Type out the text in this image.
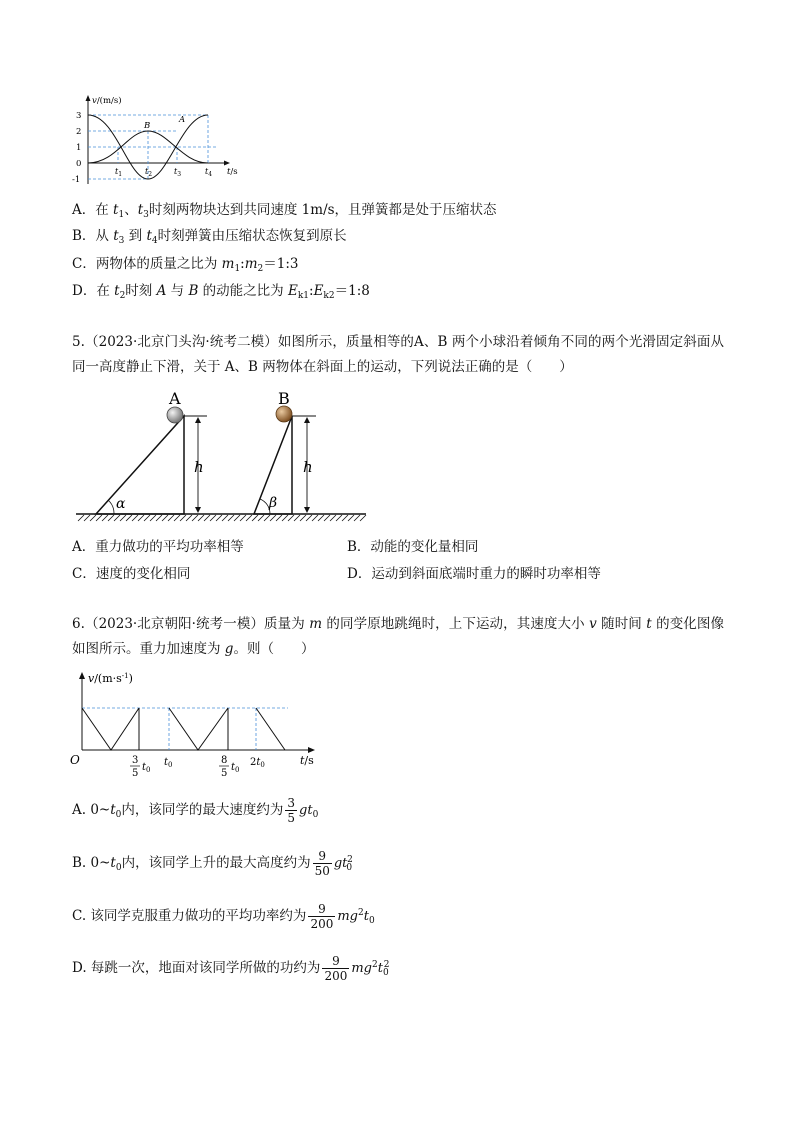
v/(m/s)
3
2
1
0
-1
$t_1$	$t_2$	$t_3$	$t_4$ t/s
B
A
A．在 $t_1$、$t_3$时刻两物块达到共同速度 1m/s，且弹簧都是处于压缩状态
B．从 $t_3$ 到 $t_4$时刻弹簧由压缩状态恢复到原长
C．两物体的质量之比为 $m_1:m_2=1:3$
D．在 $t_2$时刻 A 与 B 的动能之比为 $E_{k1}:E_{k2}=1:8$
5.（2023·北京门头沟·统考二模）如图所示，质量相等的A、B 两个小球沿着倾角不同的两个光滑固定斜面从同一高度静止下滑，关于 A、B 两物体在斜面上的运动，下列说法正确的是（　　）
α
A
h
β
B
h
A．重力做功的平均功率相等	B．动能的变化量相同
C．速度的变化相同	D．运动到斜面底端时重力的瞬时功率相等
6.（2023·北京朝阳·统考一模）质量为 m 的同学原地跳绳时，上下运动，其速度大小 v 随时间 t 的变化图像如图所示。重力加速度为 g。则（　　）
$v/(m\cdot s^{-1})$
O	t/s
3
5
$t_0$
$t_0$	8
5
$t_0$
$2t_0$
A. $0\sim t_0$内，该同学的最大速度约为 $\frac{3}{5} gt_0$
B. $0\sim t_0$内，该同学上升的最大高度约为 $\frac{9}{50} gt_0^2$
C. 该同学克服重力做功的平均功率约为 $\frac{9}{200} mg^2t_0$
D. 每跳一次，地面对该同学所做的功约为 $\frac{9}{200} mg^2t_0^2$
